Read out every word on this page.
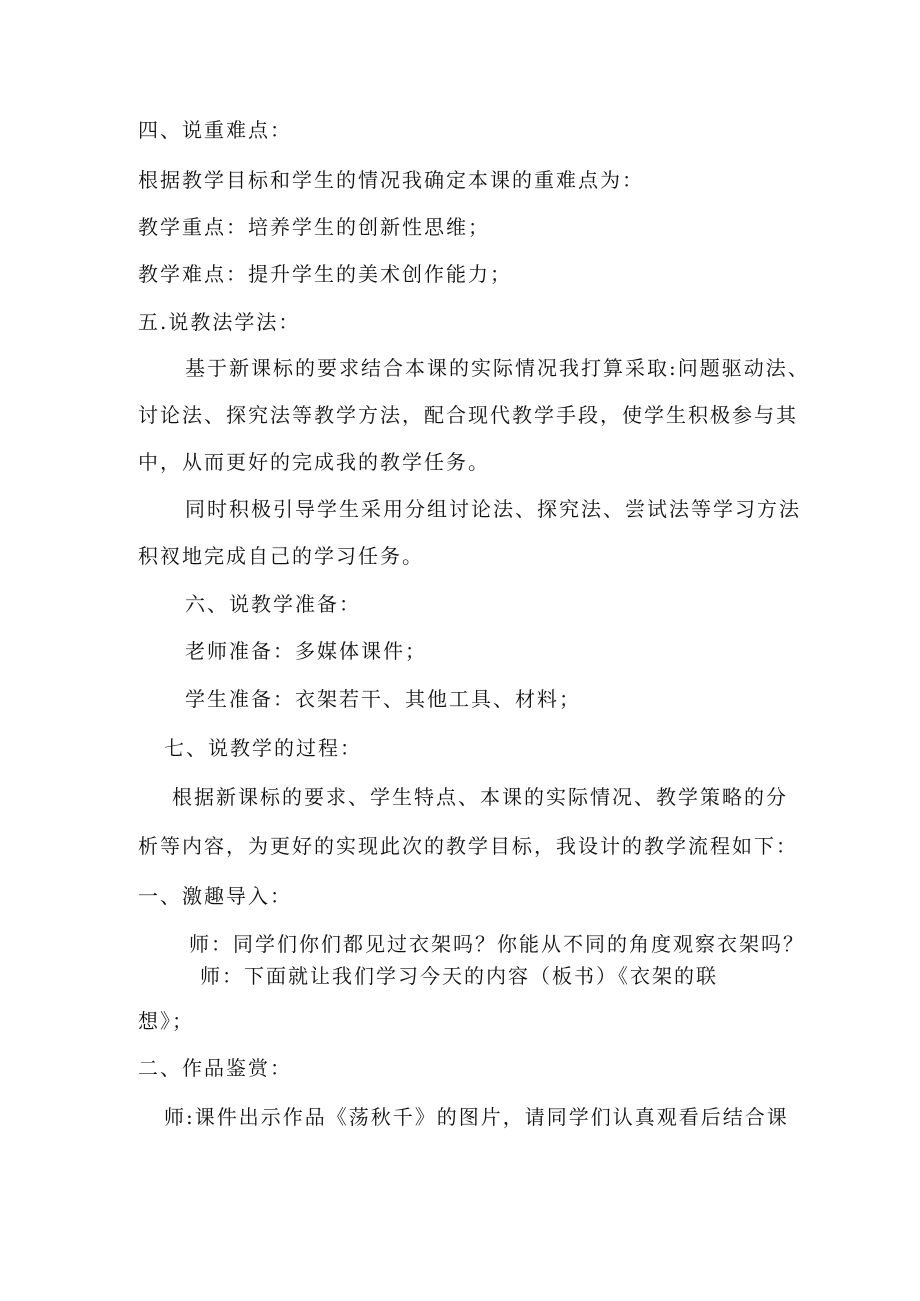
四、说重难点：
根据教学目标和学生的情况我确定本课的重难点为：
教学重点：培养学生的创新性思维；
教学难点：提升学生的美术创作能力；
五.说教法学法：
基于新课标的要求结合本课的实际情况我打算采取:问题驱动法、
讨论法、探究法等教学方法，配合现代教学手段，使学生积极参与其
中，从而更好的完成我的教学任务。
同时积极引导学生采用分组讨论法、探究法、尝试法等学习方法
积衩地完成自己的学习任务。
六、说教学准备：
老师准备：多媒体课件；
学生准备：衣架若干、其他工具、材料；
七、说教学的过程：
根据新课标的要求、学生特点、本课的实际情况、教学策略的分
析等内容，为更好的实现此次的教学目标，我设计的教学流程如下：
一、激趣导入：
师：同学们你们都见过衣架吗？你能从不同的角度观察衣架吗？
师：下面就让我们学习今天的内容（板书）《衣架的联
想》；
二、作品鉴赏：
师:课件出示作品《荡秋千》的图片，请同学们认真观看后结合课
